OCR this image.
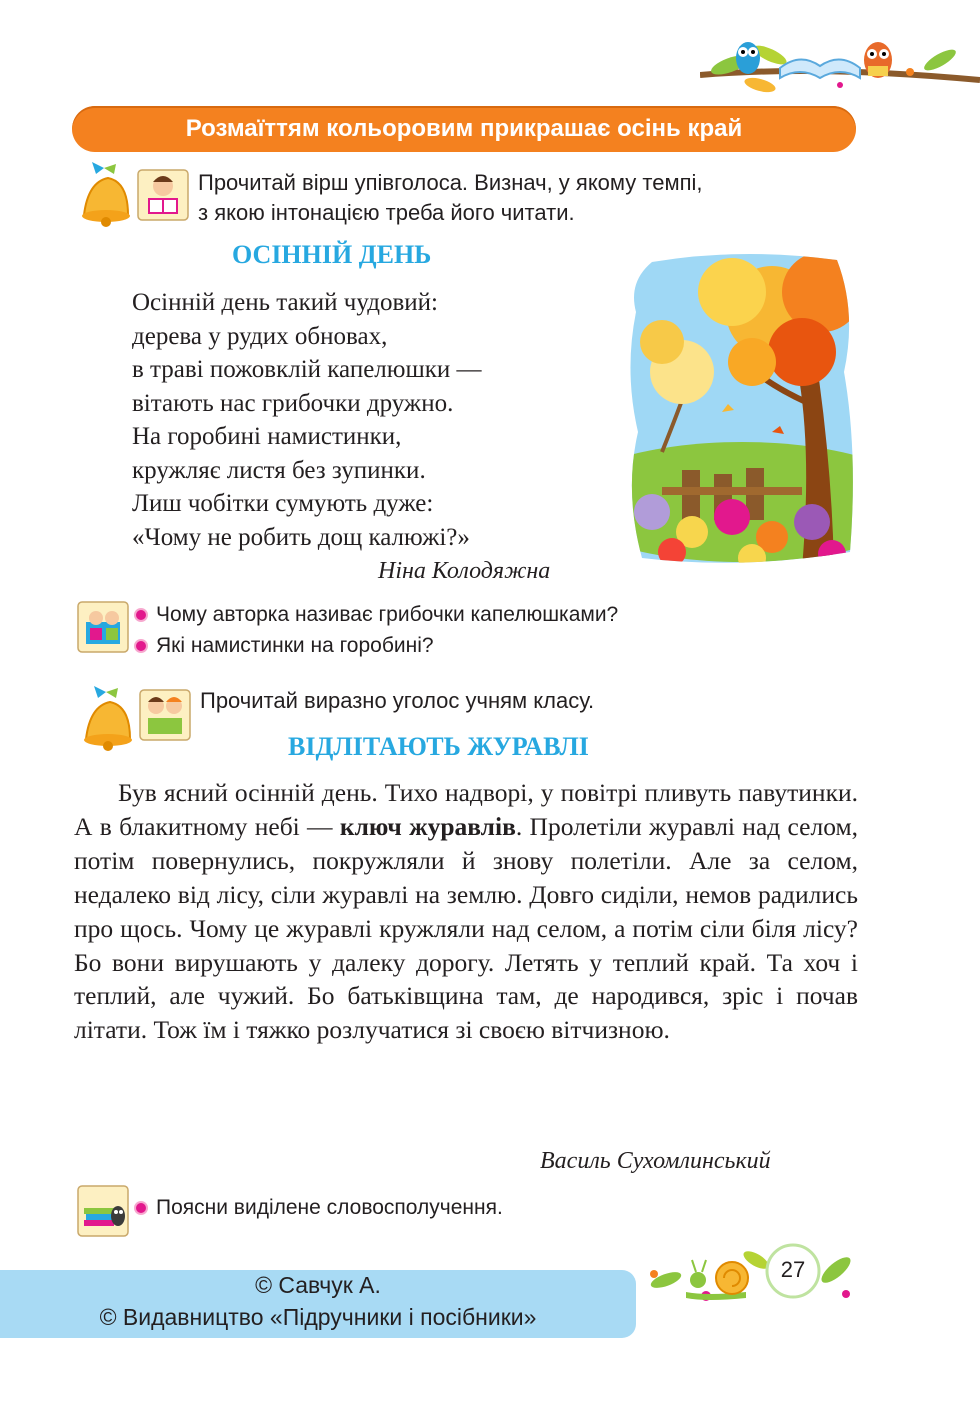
Розмаїттям кольоровим прикрашає осінь край
Прочитай вірш упівголоса. Визнач, у якому темпі,
з якою інтонацією треба його читати.
ОСІННІЙ ДЕНЬ
Осінній день такий чудовий:
дерева у рудих обновах,
в траві пожовклій капелюшки —
вітають нас грибочки дружно.
На горобині намистинки,
кружляє листя без зупинки.
Лиш чобітки сумують дуже:
«Чому не робить дощ калюжі?»
Ніна Колодяжна
Чому авторка називає грибочки капелюшками?
Які намистинки на горобині?
Прочитай виразно уголос учням класу.
ВІДЛІТАЮТЬ ЖУРАВЛІ

Був ясний осінній день. Тихо надворі, у повітрі пливуть павутинки. А в блакитному небі — ключ журавлів. Пролетіли журавлі над селом, потім повернулись, покружляли й знову полетіли. Але за селом, недалеко від лісу, сіли журавлі на землю. Довго сиділи, немов радились про щось. Чому це журавлі кружляли над селом, а потім сіли біля лісу? Бо вони вирушають у далеку дорогу. Летять у теплий край. Та хоч і теплий, але чужий. Бо батьківщина там, де народився, зріс і почав літати. Тож їм і тяжко розлучатися зі своєю вітчизною.

Василь Сухомлинський
Поясни виділене словосполучення.
27
© Савчук А.
© Видавництво «Підручники і посібники»
